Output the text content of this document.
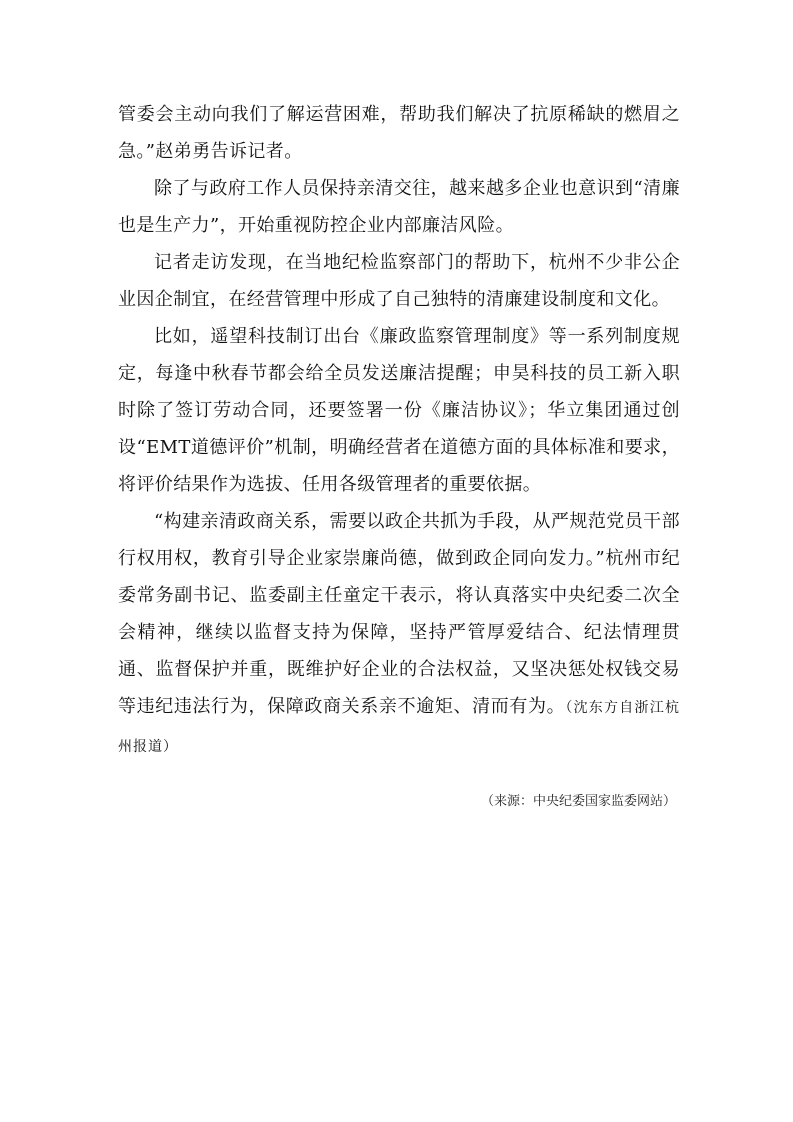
管委会主动向我们了解运营困难，帮助我们解决了抗原稀缺的燃眉之急。”赵弟勇告诉记者。

除了与政府工作人员保持亲清交往，越来越多企业也意识到“清廉也是生产力”，开始重视防控企业内部廉洁风险。

记者走访发现，在当地纪检监察部门的帮助下，杭州不少非公企业因企制宜，在经营管理中形成了自己独特的清廉建设制度和文化。

比如，遥望科技制订出台《廉政监察管理制度》等一系列制度规定，每逢中秋春节都会给全员发送廉洁提醒；申昊科技的员工新入职时除了签订劳动合同，还要签署一份《廉洁协议》；华立集团通过创设“EMT道德评价”机制，明确经营者在道德方面的具体标准和要求，将评价结果作为选拔、任用各级管理者的重要依据。

“构建亲清政商关系，需要以政企共抓为手段，从严规范党员干部行权用权，教育引导企业家崇廉尚德，做到政企同向发力。”杭州市纪委常务副书记、监委副主任童定干表示，将认真落实中央纪委二次全会精神，继续以监督支持为保障，坚持严管厚爱结合、纪法情理贯通、监督保护并重，既维护好企业的合法权益，又坚决惩处权钱交易等违纪违法行为，保障政商关系亲不逾矩、清而有为。（沈东方自浙江杭州报道）

（来源：中央纪委国家监委网站）
